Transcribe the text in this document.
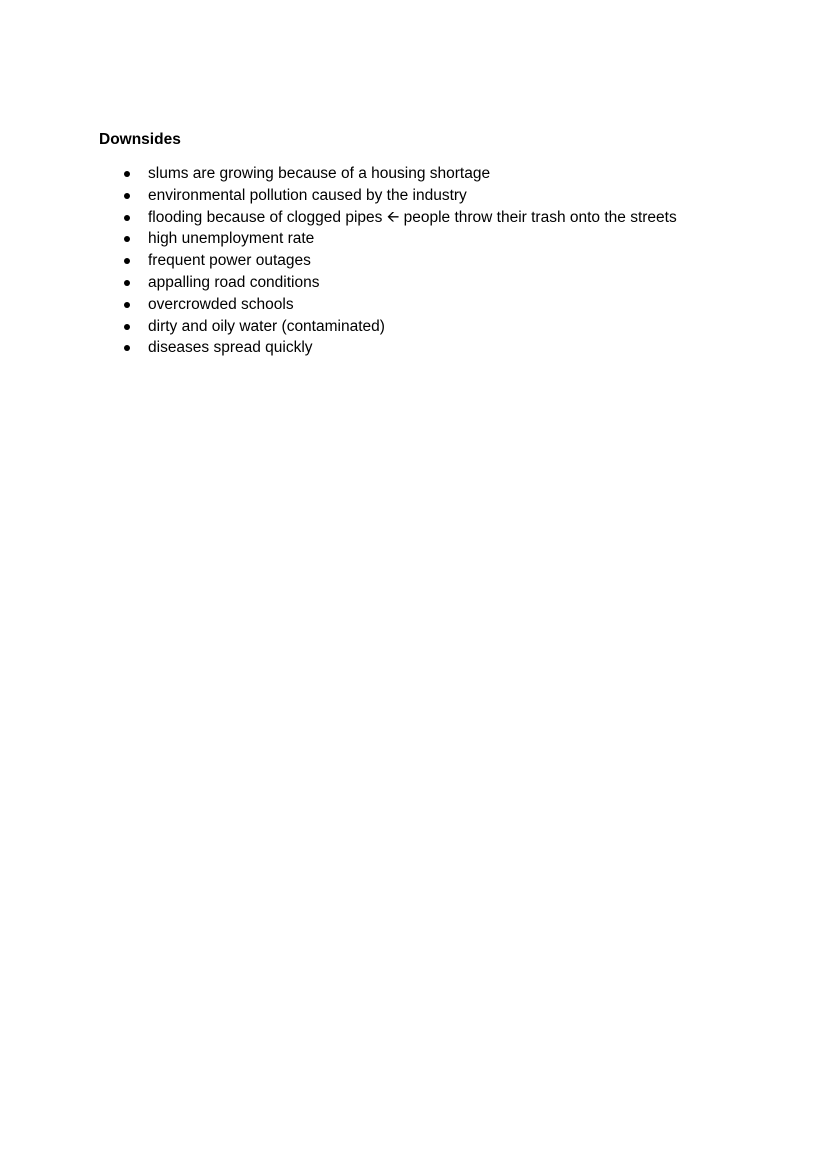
Downsides
slums are growing because of a housing shortage
environmental pollution caused by the industry
flooding because of clogged pipes 🡨 people throw their trash onto the streets
high unemployment rate
frequent power outages
appalling road conditions
overcrowded schools
dirty and oily water (contaminated)
diseases spread quickly
